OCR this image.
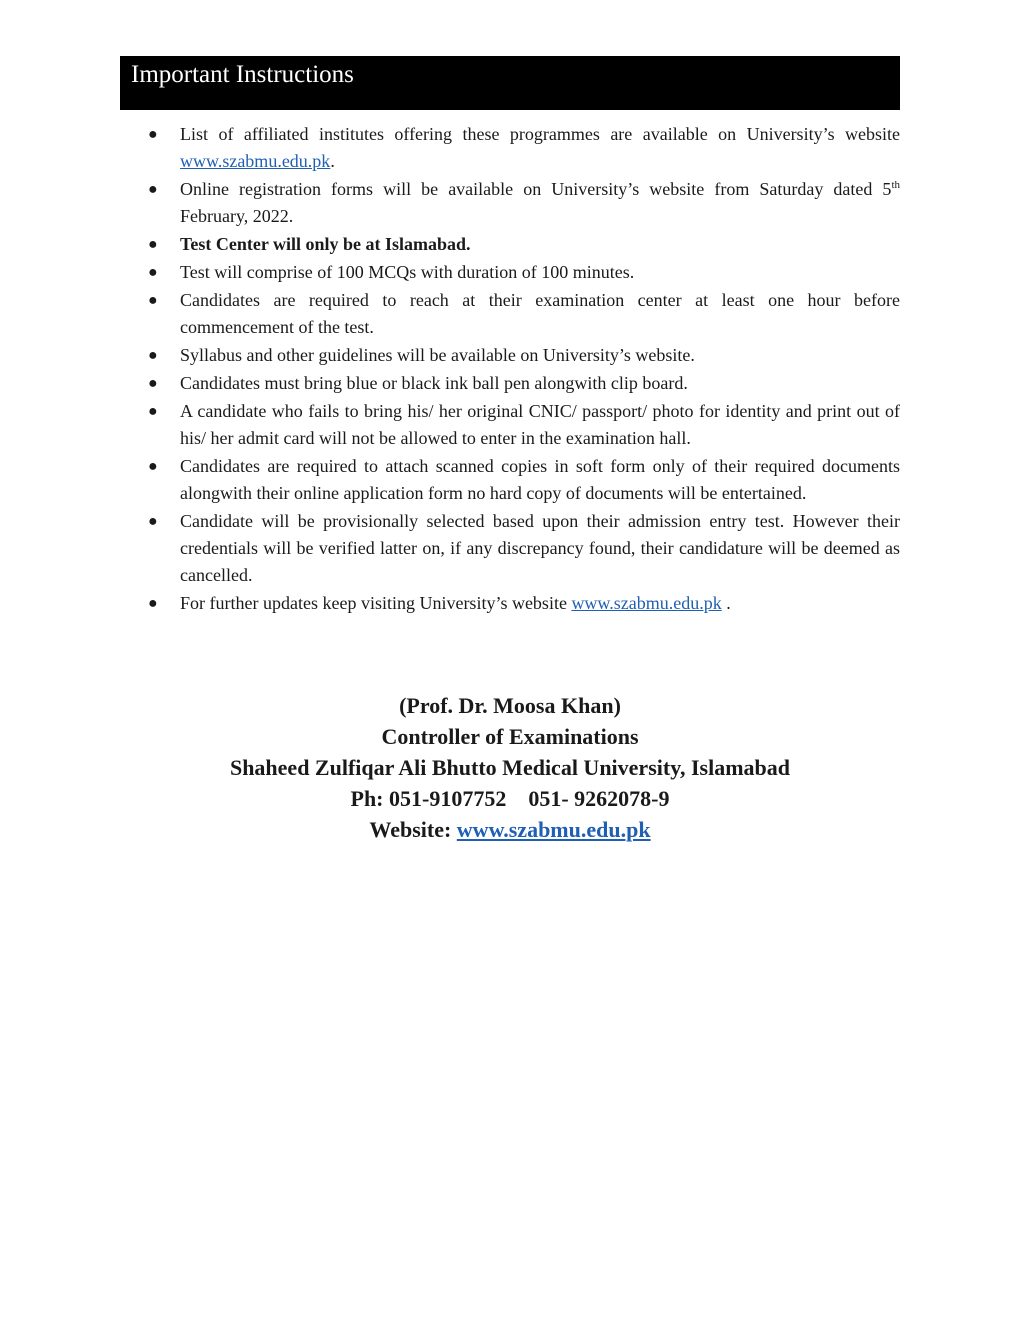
Important Instructions
● List of affiliated institutes offering these programmes are available on University’s website www.szabmu.edu.pk.
● Online registration forms will be available on University’s website from Saturday dated 5th February, 2022.
● Test Center will only be at Islamabad.
● Test will comprise of 100 MCQs with duration of 100 minutes.
● Candidates are required to reach at their examination center at least one hour before commencement of the test.
● Syllabus and other guidelines will be available on University’s website.
● Candidates must bring blue or black ink ball pen alongwith clip board.
● A candidate who fails to bring his/ her original CNIC/ passport/ photo for identity and print out of his/ her admit card will not be allowed to enter in the examination hall.
● Candidates are required to attach scanned copies in soft form only of their required documents alongwith their online application form no hard copy of documents will be entertained.
● Candidate will be provisionally selected based upon their admission entry test. However their credentials will be verified latter on, if any discrepancy found, their candidature will be deemed as cancelled.
● For further updates keep visiting University’s website www.szabmu.edu.pk .
(Prof. Dr. Moosa Khan)
Controller of Examinations
Shaheed Zulfiqar Ali Bhutto Medical University, Islamabad
Ph: 051-9107752    051- 9262078-9
Website: www.szabmu.edu.pk
